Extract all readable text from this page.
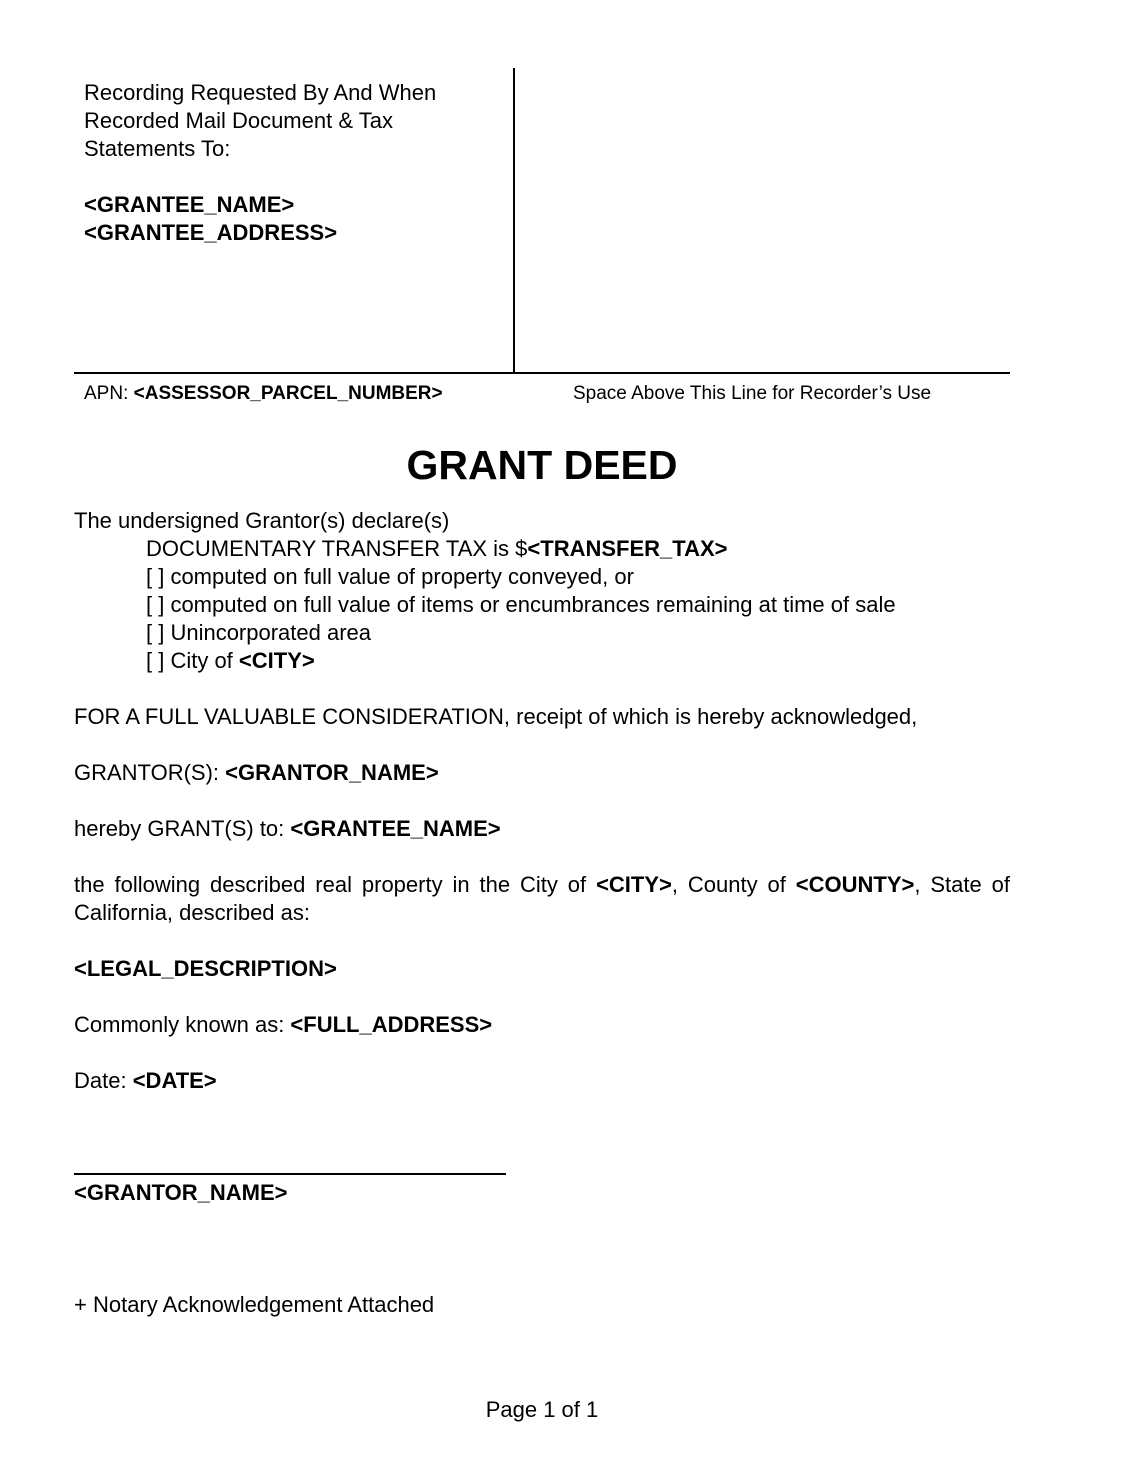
Recording Requested By And When
Recorded Mail Document & Tax
Statements To:
<GRANTEE_NAME>
<GRANTEE_ADDRESS>
APN: <ASSESSOR_PARCEL_NUMBER>	Space Above This Line for Recorder’s Use
GRANT DEED
The undersigned Grantor(s) declare(s)
DOCUMENTARY TRANSFER TAX is $<TRANSFER_TAX>
[ ] computed on full value of property conveyed, or
[ ] computed on full value of items or encumbrances remaining at time of sale
[ ] Unincorporated area
[ ] City of <CITY>
FOR A FULL VALUABLE CONSIDERATION, receipt of which is hereby acknowledged,
GRANTOR(S): <GRANTOR_NAME>
hereby GRANT(S) to: <GRANTEE_NAME>
the following described real property in the City of <CITY>, County of <COUNTY>, State of California, described as:
<LEGAL_DESCRIPTION>
Commonly known as: <FULL_ADDRESS>
Date: <DATE>
<GRANTOR_NAME>
+ Notary Acknowledgement Attached
Page 1 of 1
